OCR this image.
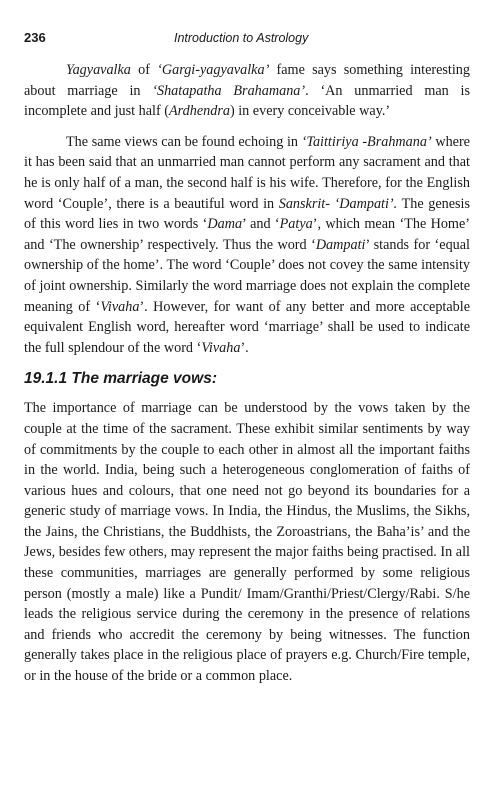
236	Introduction to Astrology

Yagyavalka of ‘Gargi-yagyavalka’ fame says something interesting about marriage in ‘Shatapatha Brahamana’. ‘An unmarried man is incomplete and just half (Ardhendra) in every conceivable way.’

The same views can be found echoing in ‘Taittiriya -Brahmana’ where it has been said that an unmarried man cannot perform any sacrament and that he is only half of a man, the second half is his wife. Therefore, for the English word ‘Couple’, there is a beautiful word in Sanskrit- ‘Dampati’. The genesis of this word lies in two words ‘Dama’ and ‘Patya’, which mean ‘The Home’ and ‘The ownership’ respectively. Thus the word ‘Dampati’ stands for ‘equal ownership of the home’. The word ‘Couple’ does not covey the same intensity of joint ownership. Similarly the word marriage does not explain the complete meaning of ‘Vivaha’. However, for want of any better and more acceptable equivalent English word, hereafter word ‘marriage’ shall be used to indicate the full splendour of the word ‘Vivaha’.

19.1.1 The marriage vows:

The importance of marriage can be understood by the vows taken by the couple at the time of the sacrament. These exhibit similar sentiments by way of commitments by the couple to each other in almost all the important faiths in the world. India, being such a heterogeneous conglomeration of faiths of various hues and colours, that one need not go beyond its boundaries for a generic study of marriage vows. In India, the Hindus, the Muslims, the Sikhs, the Jains, the Christians, the Buddhists, the Zoroastrians, the Baha’is’ and the Jews, besides few others, may represent the major faiths being practised. In all these communities, marriages are generally performed by some religious person (mostly a male) like a Pundit/ Imam/Granthi/Priest/Clergy/Rabi. S/he leads the religious service during the ceremony in the presence of relations and friends who accredit the ceremony by being witnesses. The function generally takes place in the religious place of prayers e.g. Church/Fire temple, or in the house of the bride or a common place.
